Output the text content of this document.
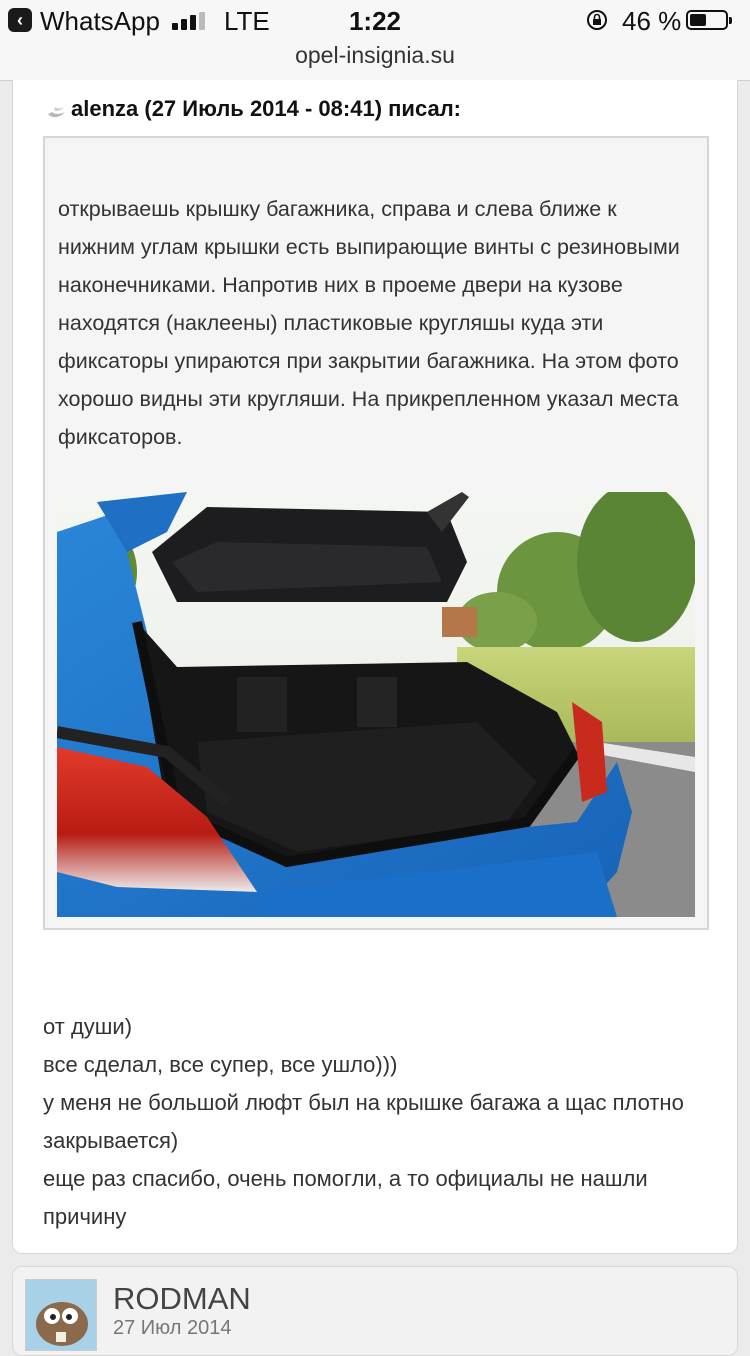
‹ WhatsApp LTE	1:22	46 %
opel-insignia.su
alenza (27 Июль 2014 - 08:41) писал:
открываешь крышку багажника, справа и слева ближе к нижним углам крышки есть выпирающие винты с резиновыми наконечниками. Напротив них в проеме двери на кузове находятся (наклеены) пластиковые кругляшы куда эти фиксаторы упираются при закрытии багажника. На этом фото хорошо видны эти кругляши. На прикрепленном указал места фиксаторов.
от души)
все сделал, все супер, все ушло)))
у меня не большой люфт был на крышке багажа а щас плотно закрывается)
еще раз спасибо, очень помогли, а то официалы не нашли причину
RODMAN
27 Июл 2014
